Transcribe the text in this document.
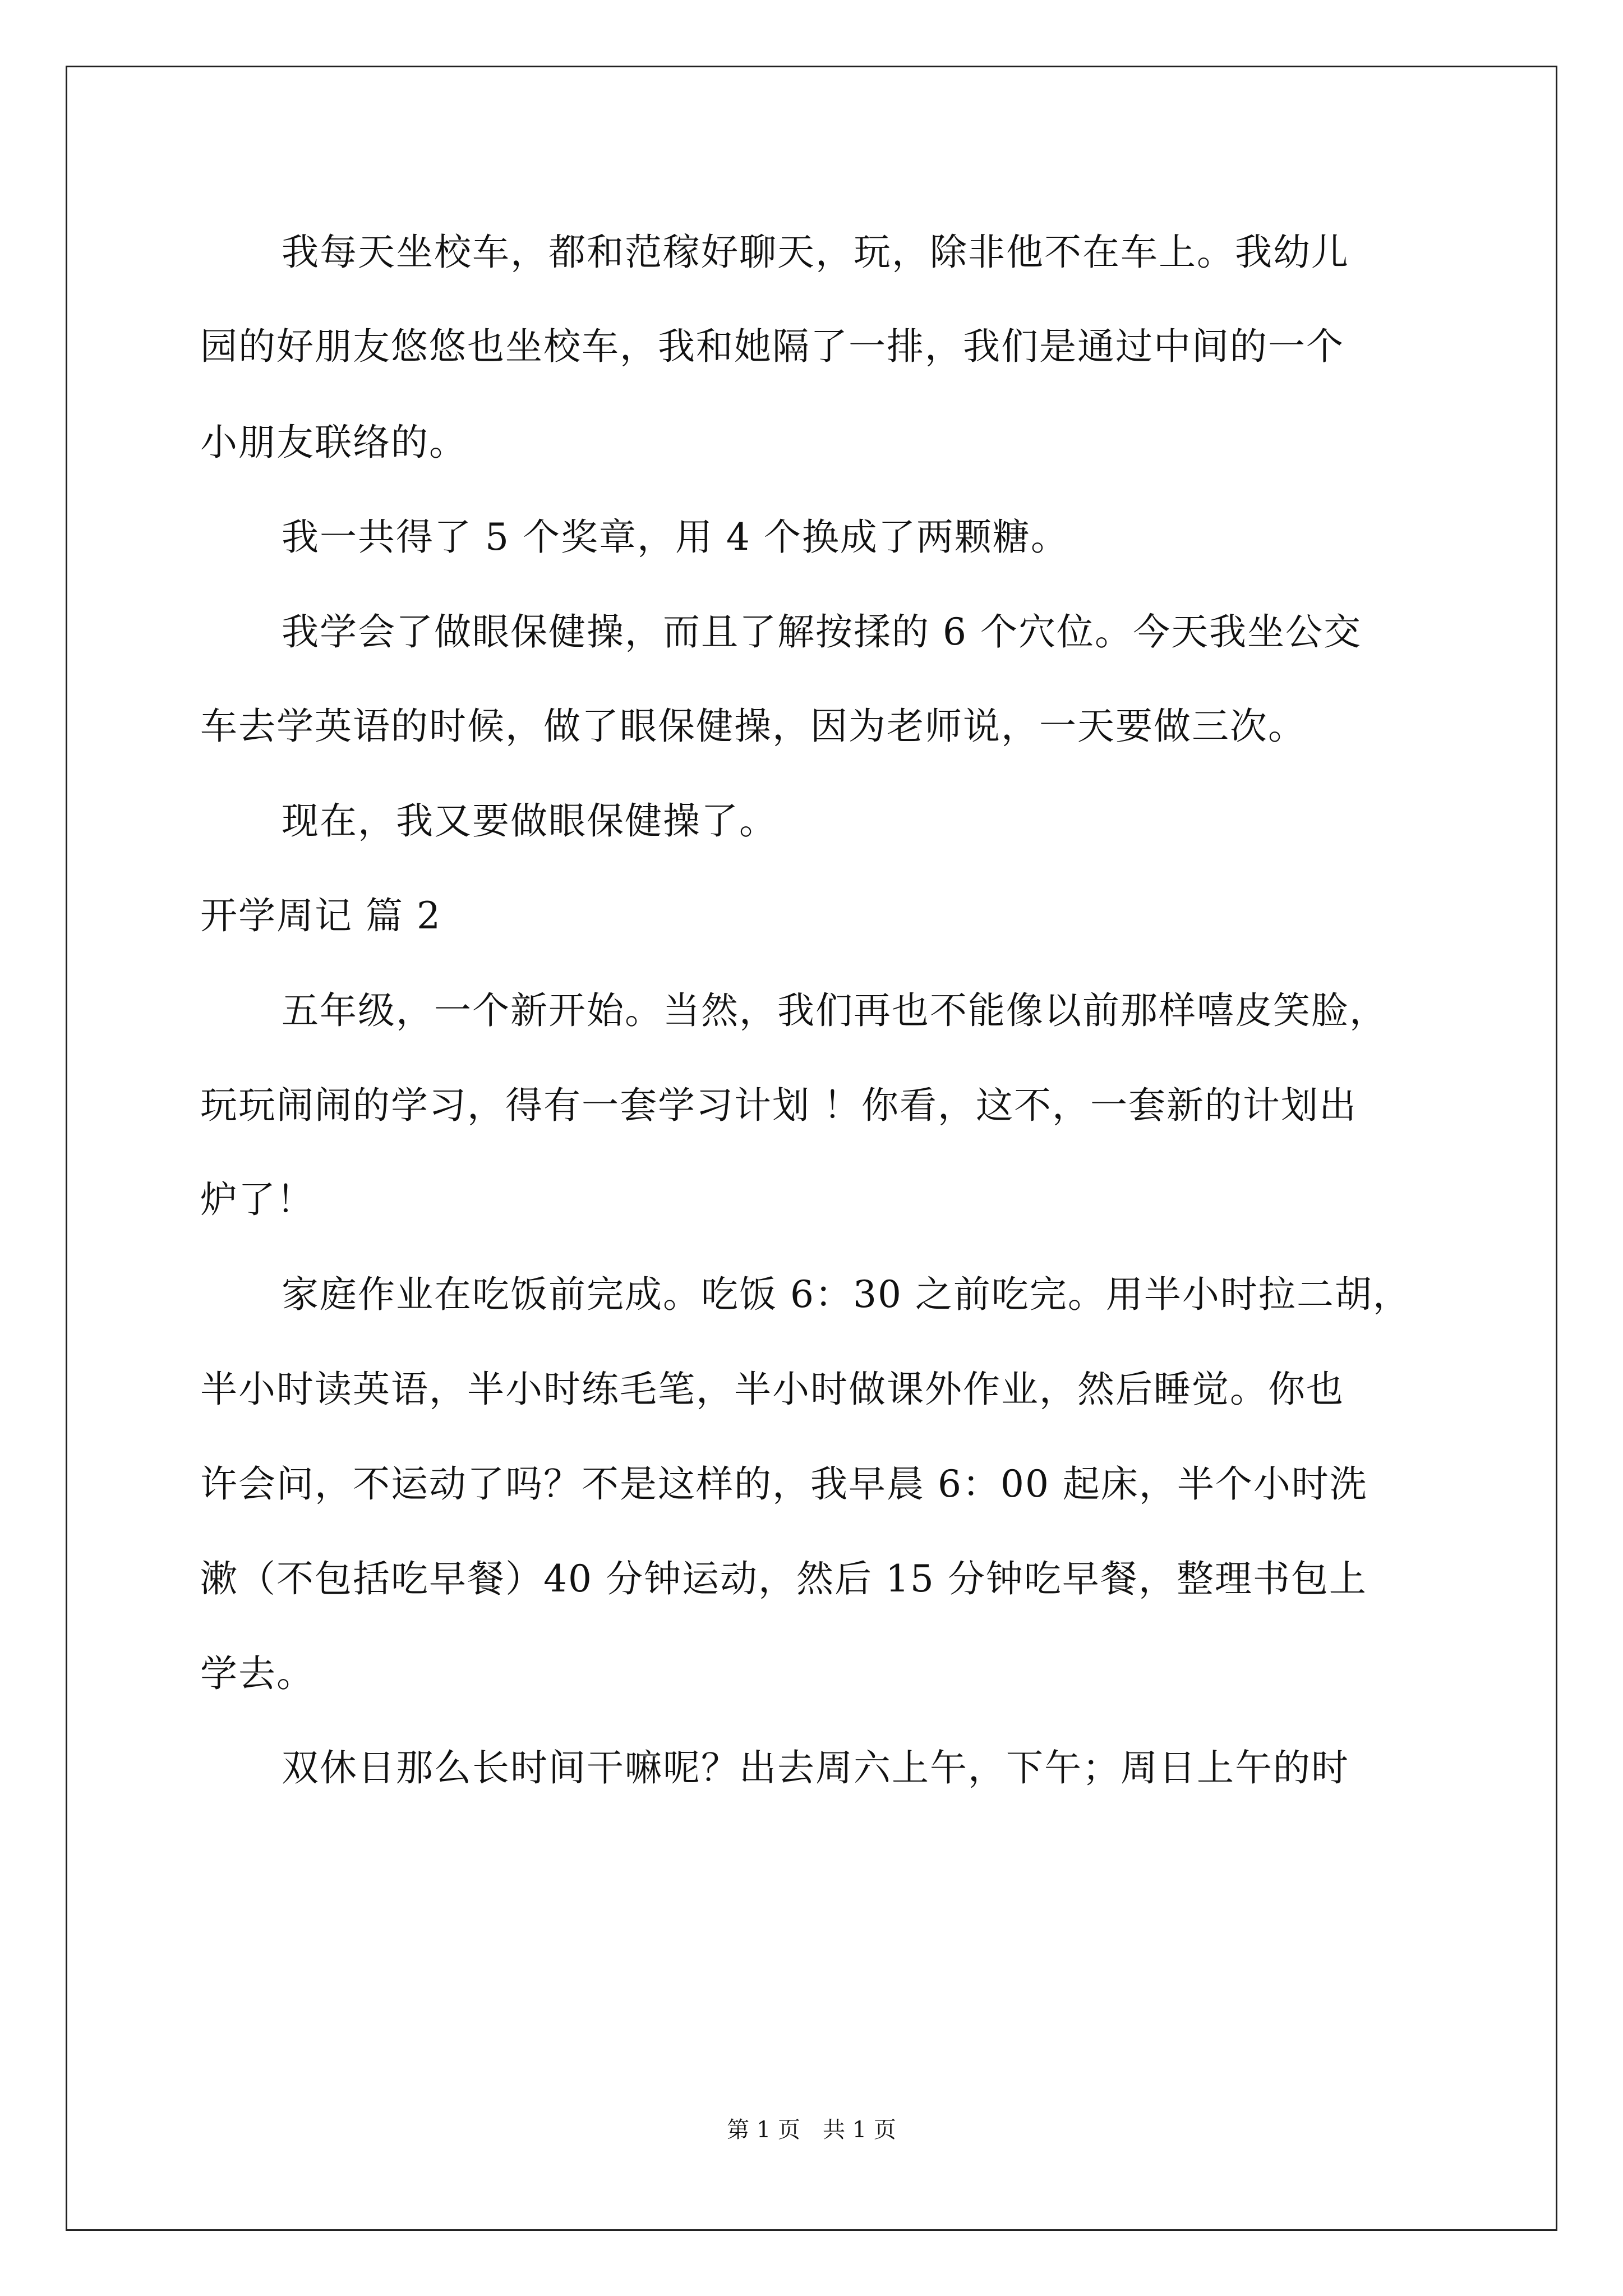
我每天坐校车，都和范稼好聊天，玩，除非他不在车上。我幼儿
园的好朋友悠悠也坐校车，我和她隔了一排，我们是通过中间的一个
小朋友联络的。
我一共得了 5 个奖章，用 4 个换成了两颗糖。
我学会了做眼保健操，而且了解按揉的 6 个穴位。今天我坐公交
车去学英语的时候，做了眼保健操，因为老师说，一天要做三次。
现在，我又要做眼保健操了。
开学周记 篇 2
五年级，一个新开始。当然，我们再也不能像以前那样嘻皮笑脸，
玩玩闹闹的学习，得有一套学习计划 ！你看，这不，一套新的计划出
炉了！
家庭作业在吃饭前完成。吃饭 6：30 之前吃完。用半小时拉二胡，
半小时读英语，半小时练毛笔，半小时做课外作业，然后睡觉。你也
许会问，不运动了吗？不是这样的，我早晨 6：00 起床，半个小时洗
漱（不包括吃早餐）40 分钟运动，然后 15 分钟吃早餐，整理书包上
学去。
双休日那么长时间干嘛呢？出去周六上午，下午；周日上午的时
第 1 页　共 1 页
